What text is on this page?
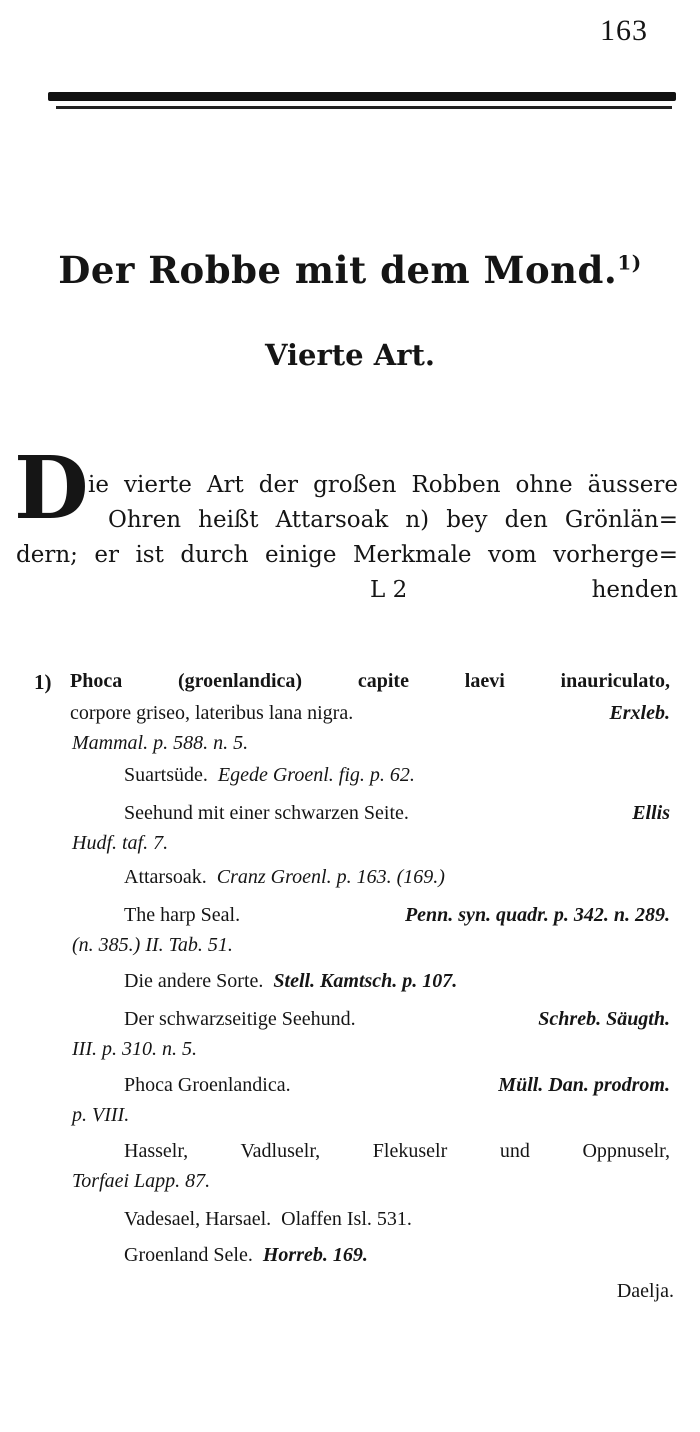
163
Der Robbe mit dem Mond.$^{1)}$
Vierte Art.
D ie vierte Art der großen Robben ohne äussere
Ohren heißt Attarsoak n) bey den Grönlän=
dern; er ist durch einige Merkmale vom vorherge=
L 2	henden
1) Phoca (groenlandica) capite laevi inauriculato,
corpore griseo, lateribus lana nigra.	Erxleb.
Mammal. p. 588. n. 5.
Suartsüde. Egede Groenl. fig. p. 62.
Seehund mit einer schwarzen Seite.	Ellis
Hudf. taf. 7.
Attarsoak. Cranz Groenl. p. 163. (169.)
The harp Seal.	Penn. syn. quadr. p. 342. n. 289.
(n. 385.) II. Tab. 51.
Die andere Sorte. Stell. Kamtsch. p. 107.
Der schwarzseitige Seehund.	Schreb. Säugth.
III. p. 310. n. 5.
Phoca Groenlandica.	Müll. Dan. prodrom.
p. VIII.
Hasselr, Vadluselr, Flekuselr und Oppnuselr,
Torfaei Lapp. 87.
Vadesael, Harsael. Olaffen Isl. 531.
Groenland Sele. Horreb. 169.
Daelja.
